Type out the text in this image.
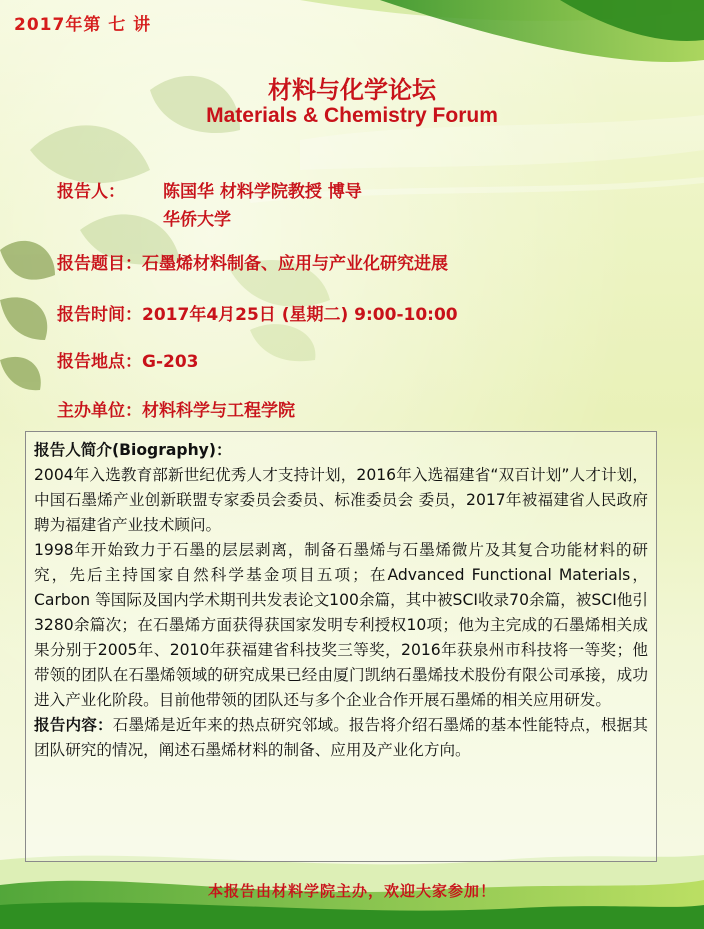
2017年第 七 讲
材料与化学论坛
Materials & Chemistry Forum
报告人： 陈国华 材料学院教授 博导
华侨大学
报告题目：石墨烯材料制备、应用与产业化研究进展
报告时间：2017年4月25日 (星期二) 9:00-10:00
报告地点：G-203
主办单位：材料科学与工程学院

报告人简介(Biography)：

2004年入选教育部新世纪优秀人才支持计划，2016年入选福建省“双百计划”人才计划，中国石墨烯产业创新联盟专家委员会委员、标准委员会 委员，2017年被福建省人民政府聘为福建省产业技术顾问。

1998年开始致力于石墨的层层剥离，制备石墨烯与石墨烯微片及其复合功能材料的研究，先后主持国家自然科学基金项目五项；在Advanced Functional Materials，Carbon 等国际及国内学术期刊共发表论文100余篇，其中被SCI收录70余篇，被SCI他引3280余篇次；在石墨烯方面获得获国家发明专利授权10项；他为主完成的石墨烯相关成果分别于2005年、2010年获福建省科技奖三等奖，2016年获泉州市科技将一等奖；他带领的团队在石墨烯领域的研究成果已经由厦门凯纳石墨烯技术股份有限公司承接，成功进入产业化阶段。目前他带领的团队还与多个企业合作开展石墨烯的相关应用研发。

报告内容：石墨烯是近年来的热点研究邻域。报告将介绍石墨烯的基本性能特点，根据其团队研究的情况，阐述石墨烯材料的制备、应用及产业化方向。

本报告由材料学院主办，欢迎大家参加！
